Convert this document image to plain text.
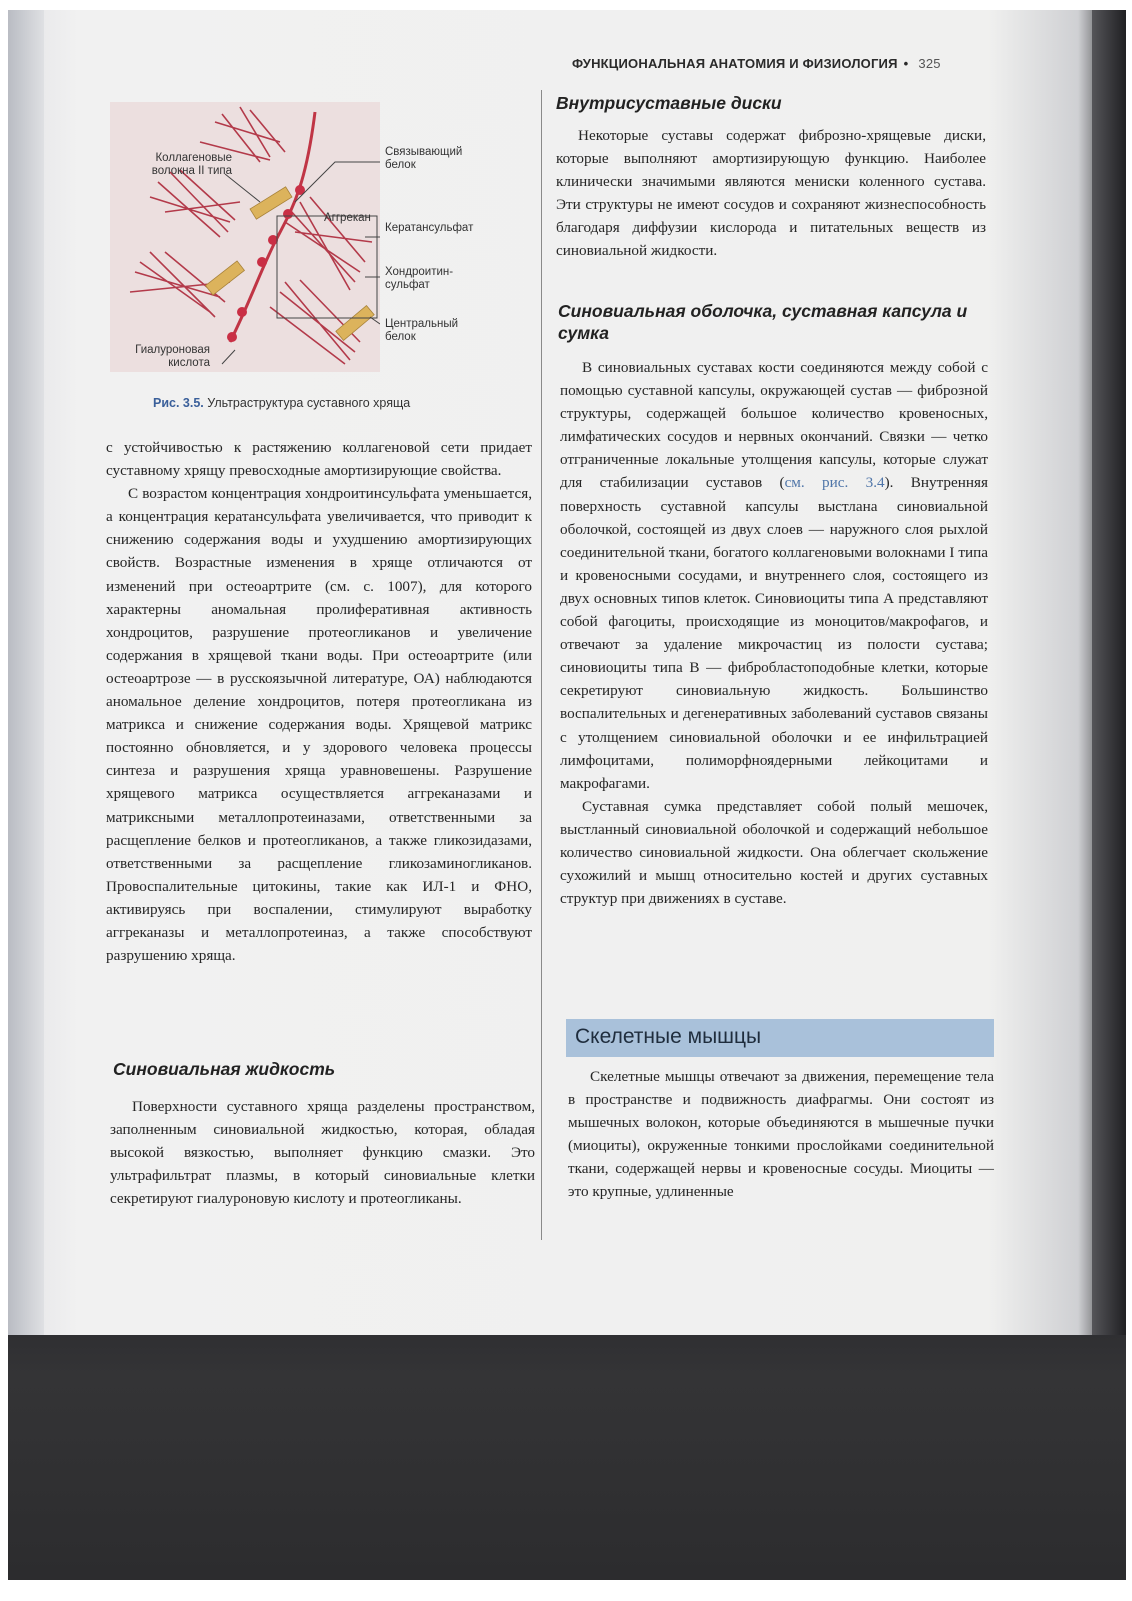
ФУНКЦИОНАЛЬНАЯ АНАТОМИЯ И ФИЗИОЛОГИЯ • 325
Коллагеновые волокна II типа
Связывающий белок
Аггрекан
Кератансульфат
Хондроитин-сульфат
Центральный белок
Гиалуроновая кислота
Рис. 3.5. Ультраструктура суставного хряща

с устойчивостью к растяжению коллагеновой сети придает суставному хрящу превосходные амортизирующие свойства.

С возрастом концентрация хондроитинсульфата уменьшается, а концентрация кератансульфата увеличивается, что приводит к снижению содержания воды и ухудшению амортизирующих свойств. Возрастные изменения в хряще отличаются от изменений при остеоартрите (см. с. 1007), для которого характерны аномальная пролиферативная активность хондроцитов, разрушение протеогликанов и увеличение содержания в хрящевой ткани воды. При остеоартрите (или остеоартрозе — в русскоязычной литературе, ОА) наблюдаются аномальное деление хондроцитов, потеря протеогликана из матрикса и снижение содержания воды. Хрящевой матрикс постоянно обновляется, и у здорового человека процессы синтеза и разрушения хряща уравновешены. Разрушение хрящевого матрикса осуществляется аггреканазами и матриксными металлопротеиназами, ответственными за расщепление белков и протеогликанов, а также гликозидазами, ответственными за расщепление гликозаминогликанов. Провоспалительные цитокины, такие как ИЛ-1 и ФНО, активируясь при воспалении, стимулируют выработку аггреканазы и металлопротеиназ, а также способствуют разрушению хряща.

Синовиальная жидкость

Поверхности суставного хряща разделены пространством, заполненным синовиальной жидкостью, которая, обладая высокой вязкостью, выполняет функцию смазки. Это ультрафильтрат плазмы, в который синовиальные клетки секретируют гиалуроновую кислоту и протеогликаны.

Внутрисуставные диски

Некоторые суставы содержат фиброзно-хрящевые диски, которые выполняют амортизирующую функцию. Наиболее клинически значимыми являются мениски коленного сустава. Эти структуры не имеют сосудов и сохраняют жизнеспособность благодаря диффузии кислорода и питательных веществ из синовиальной жидкости.

Синовиальная оболочка, суставная капсула и сумка

В синовиальных суставах кости соединяются между собой с помощью суставной капсулы, окружающей сустав — фиброзной структуры, содержащей большое количество кровеносных, лимфатических сосудов и нервных окончаний. Связки — четко отграниченные локальные утолщения капсулы, которые служат для стабилизации суставов (см. рис. 3.4). Внутренняя поверхность суставной капсулы выстлана синовиальной оболочкой, состоящей из двух слоев — наружного слоя рыхлой соединительной ткани, богатого коллагеновыми волокнами I типа и кровеносными сосудами, и внутреннего слоя, состоящего из двух основных типов клеток. Синовиоциты типа А представляют собой фагоциты, происходящие из моноцитов/макрофагов, и отвечают за удаление микрочастиц из полости сустава; синовиоциты типа В — фибробластоподобные клетки, которые секретируют синовиальную жидкость. Большинство воспалительных и дегенеративных заболеваний суставов связаны с утолщением синовиальной оболочки и ее инфильтрацией лимфоцитами, полиморфноядерными лейкоцитами и макрофагами.

Суставная сумка представляет собой полый мешочек, выстланный синовиальной оболочкой и содержащий небольшое количество синовиальной жидкости. Она облегчает скольжение сухожилий и мышц относительно костей и других суставных структур при движениях в суставе.

Скелетные мышцы

Скелетные мышцы отвечают за движения, перемещение тела в пространстве и подвижность диафрагмы. Они состоят из мышечных волокон, которые объединяются в мышечные пучки (миоциты), окруженные тонкими прослойками соединительной ткани, содержащей нервы и кровеносные сосуды. Миоциты — это крупные, удлиненные
